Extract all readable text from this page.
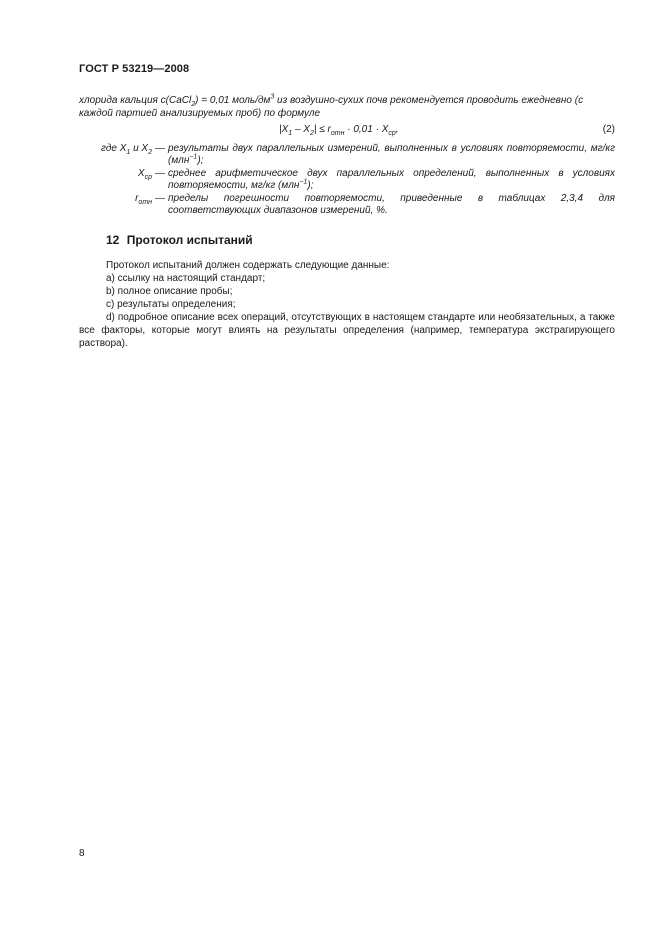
ГОСТ Р 53219—2008
хлорида кальция с(CaCl$_2$) = 0,01 моль/$дм^3$ из воздушно-сухих почв рекомендуется проводить ежедневно (с каждой партией анализируемых проб) по формуле
$|X_1 - X_2| \le r_{отн} \cdot 0,01 \cdot X_{ср}$,	(2)
где $X_1$ и $X_2$ — результаты двух параллельных измерений, выполненных в условиях повторяемости, мг/кг (млн$^{-1}$);
$X_{ср}$ — среднее арифметическое двух параллельных определений, выполненных в условиях повторяемости, мг/кг (млн$^{-1}$);
$r_{отн}$ — пределы погрешности повторяемости, приведенные в таблицах 2,3,4 для соответствующих диапазонов измерений, %.
12 Протокол испытаний

Протокол испытаний должен содержать следующие данные:

a) ссылку на настоящий стандарт;

b) полное описание пробы;

c) результаты определения;

d) подробное описание всех операций, отсутствующих в настоящем стандарте или необязательных, а также все факторы, которые могут влиять на результаты определения (например, температура экстрагирующего раствора).

8
